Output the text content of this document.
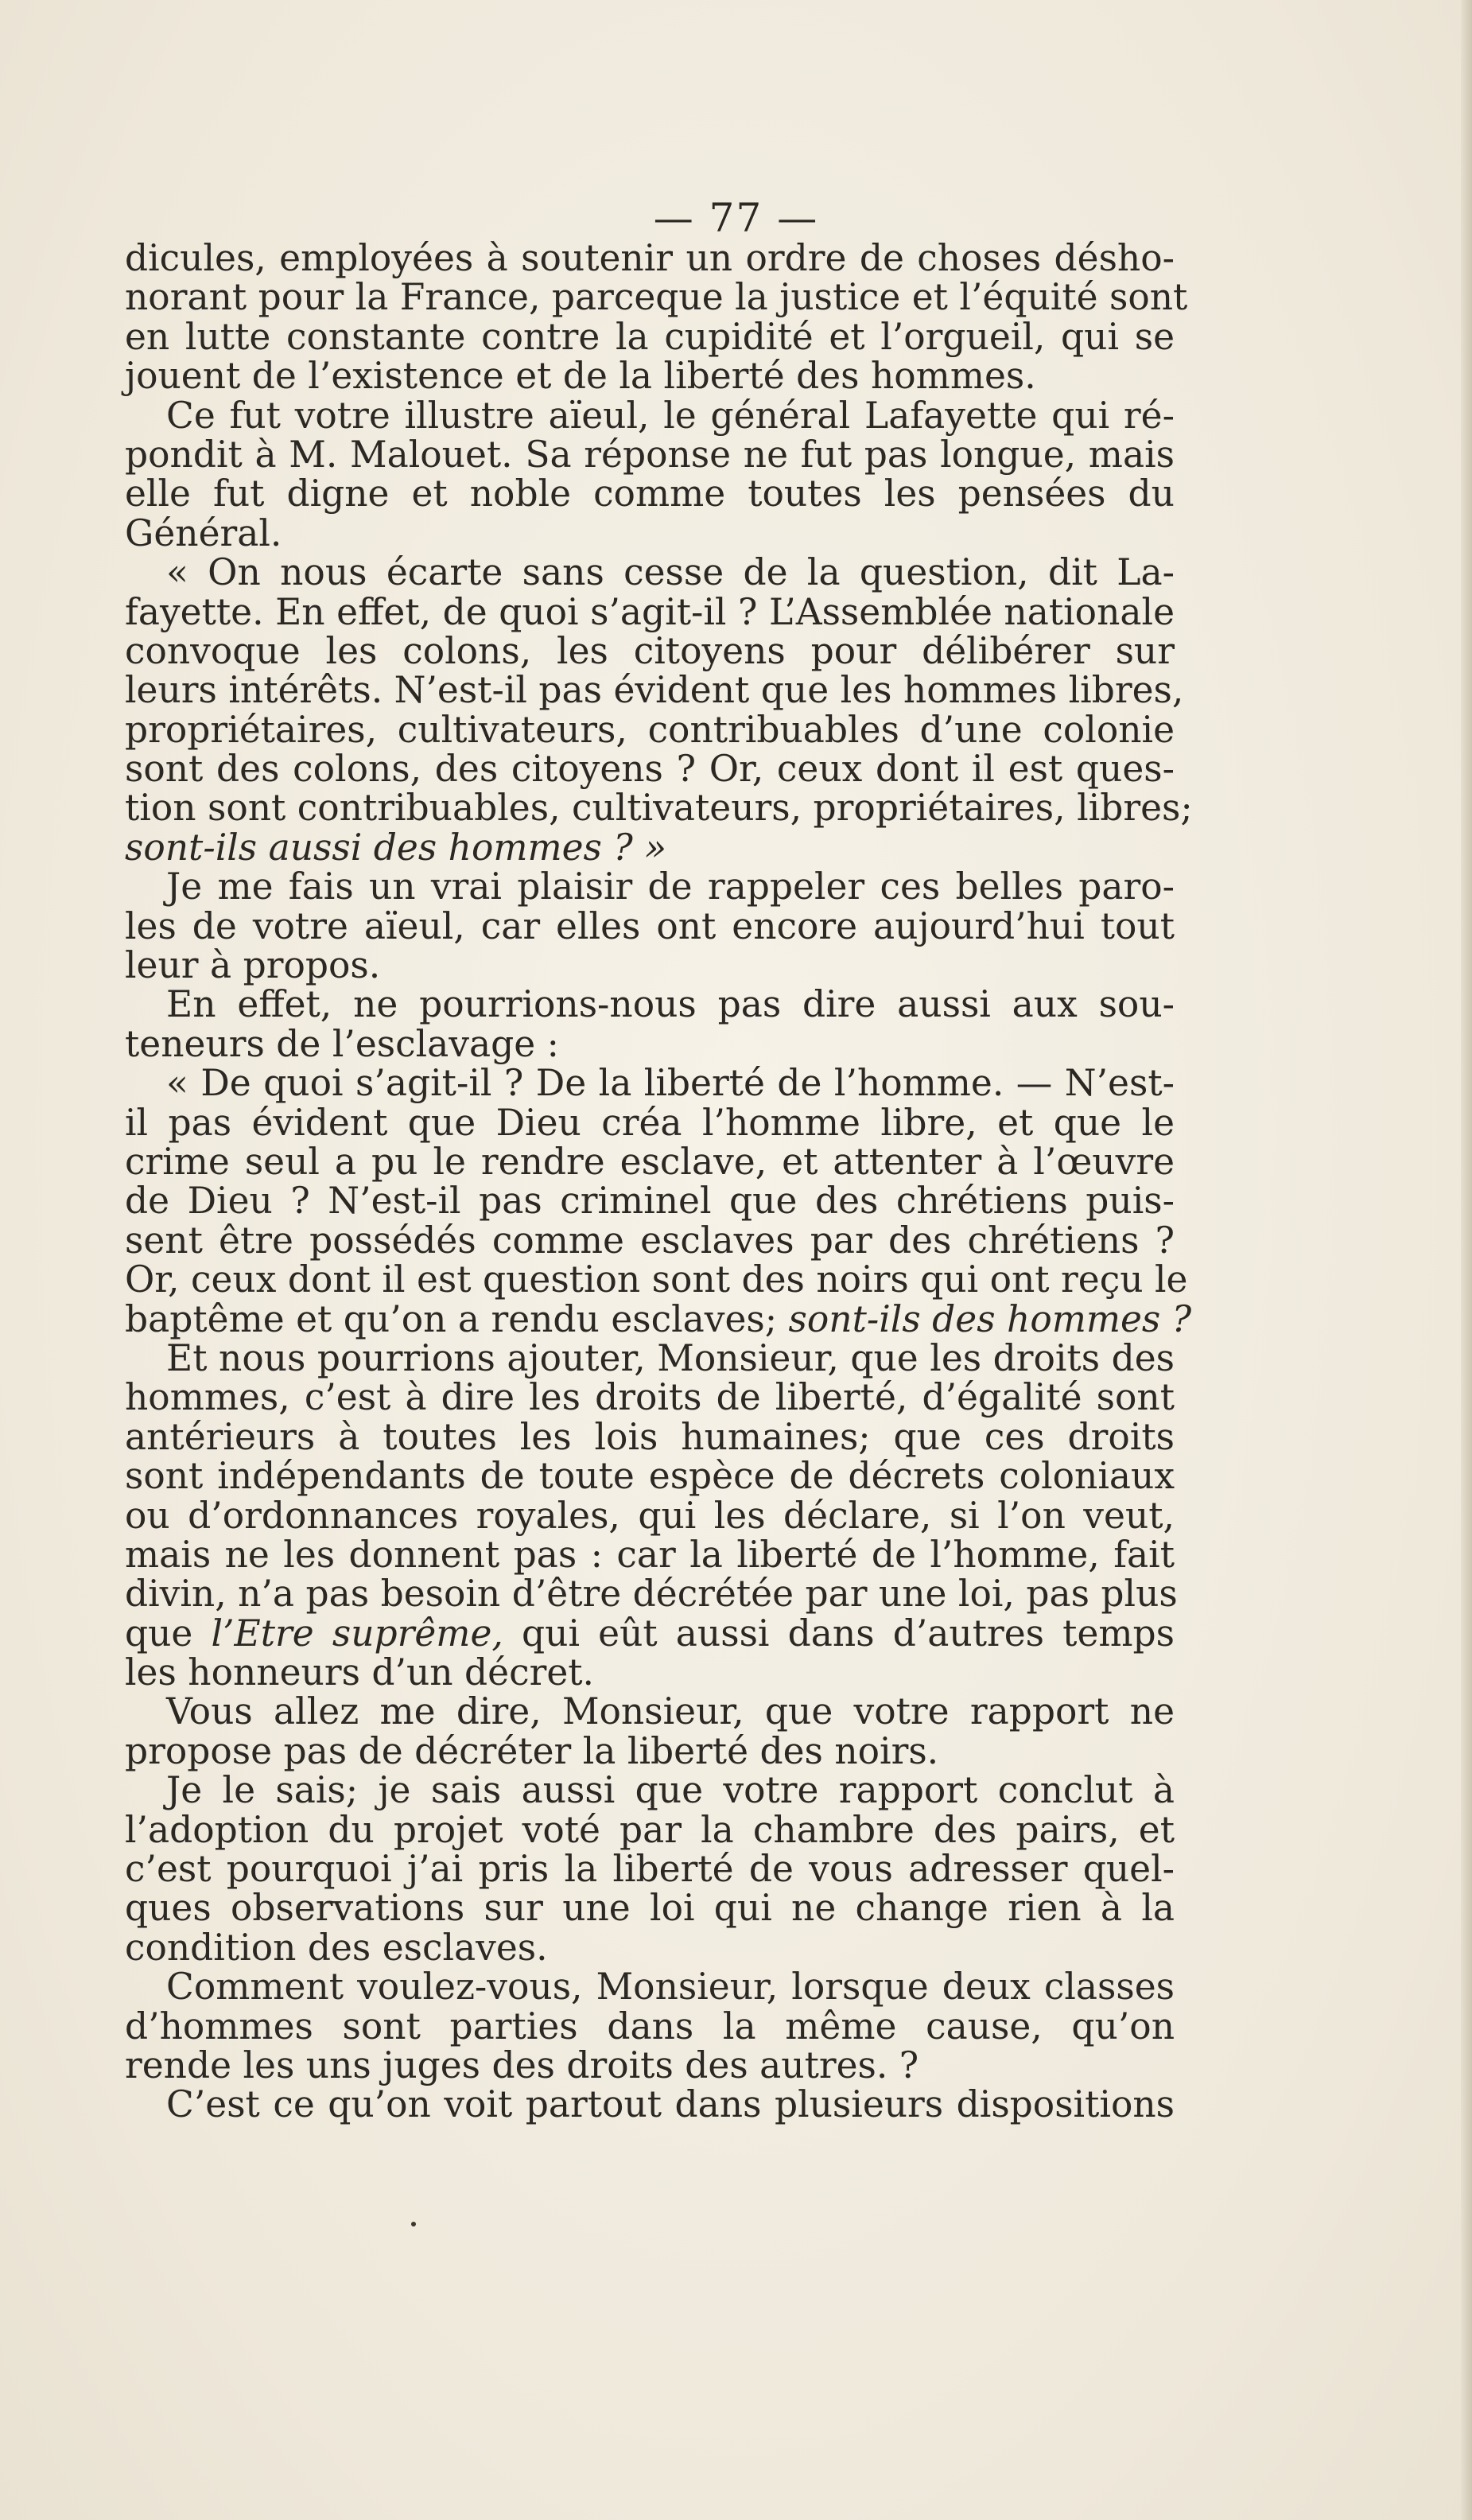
— 77 —
dicules, employées à soutenir un ordre de choses désho-
norant pour la France, parceque la justice et l’équité sont
en lutte constante contre la cupidité et l’orgueil, qui se
jouent de l’existence et de la liberté des hommes.
Ce fut votre illustre aïeul, le général Lafayette qui ré-
pondit à M. Malouet. Sa réponse ne fut pas longue, mais
elle fut digne et noble comme toutes les pensées du
Général.
« On nous écarte sans cesse de la question, dit La-
fayette. En effet, de quoi s’agit-il ? L’Assemblée nationale
convoque les colons, les citoyens pour délibérer sur
leurs intérêts. N’est-il pas évident que les hommes libres,
propriétaires, cultivateurs, contribuables d’une colonie
sont des colons, des citoyens ? Or, ceux dont il est ques-
tion sont contribuables, cultivateurs, propriétaires, libres;
sont-ils aussi des hommes ? »
Je me fais un vrai plaisir de rappeler ces belles paro-
les de votre aïeul, car elles ont encore aujourd’hui tout
leur à propos.
En effet, ne pourrions-nous pas dire aussi aux sou-
teneurs de l’esclavage :
« De quoi s’agit-il ? De la liberté de l’homme. — N’est-
il pas évident que Dieu créa l’homme libre, et que le
crime seul a pu le rendre esclave, et attenter à l’œuvre
de Dieu ? N’est-il pas criminel que des chrétiens puis-
sent être possédés comme esclaves par des chrétiens ?
Or, ceux dont il est question sont des noirs qui ont reçu le
baptême et qu’on a rendu esclaves; sont-ils des hommes ?
Et nous pourrions ajouter, Monsieur, que les droits des
hommes, c’est à dire les droits de liberté, d’égalité sont
antérieurs à toutes les lois humaines; que ces droits
sont indépendants de toute espèce de décrets coloniaux
ou d’ordonnances royales, qui les déclare, si l’on veut,
mais ne les donnent pas : car la liberté de l’homme, fait
divin, n’a pas besoin d’être décrétée par une loi, pas plus
que l’Etre suprême, qui eût aussi dans d’autres temps
les honneurs d’un décret.
Vous allez me dire, Monsieur, que votre rapport ne
propose pas de décréter la liberté des noirs.
Je le sais; je sais aussi que votre rapport conclut à
l’adoption du projet voté par la chambre des pairs, et
c’est pourquoi j’ai pris la liberté de vous adresser quel-
ques observations sur une loi qui ne change rien à la
condition des esclaves.
Comment voulez-vous, Monsieur, lorsque deux classes
d’hommes sont parties dans la même cause, qu’on
rende les uns juges des droits des autres. ?
C’est ce qu’on voit partout dans plusieurs dispositions
